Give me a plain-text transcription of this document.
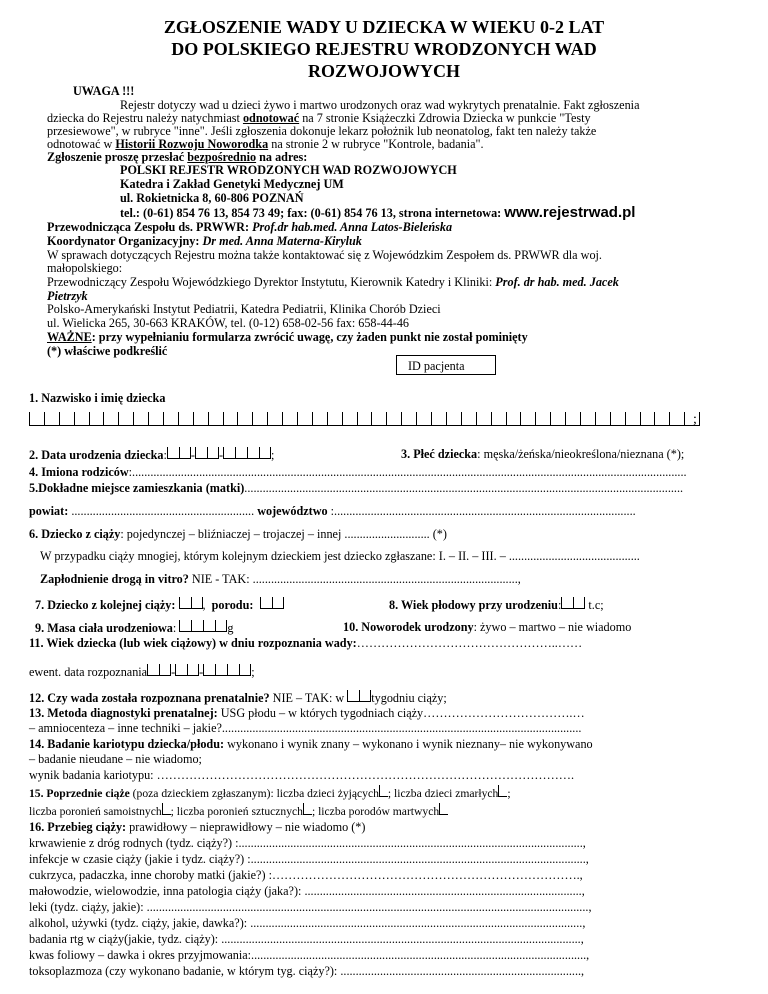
ZGŁOSZENIE WADY U DZIECKA W WIEKU 0-2 LAT
DO POLSKIEGO REJESTRU WRODZONYCH WAD
ROZWOJOWYCH
UWAGA !!!
Rejestr dotyczy wad u dzieci żywo i martwo urodzonych oraz wad wykrytych prenatalnie. Fakt zgłoszenia
dziecka do Rejestru należy natychmiast odnotować na 7 stronie Książeczki Zdrowia Dziecka w punkcie "Testy
przesiewowe", w rubryce "inne". Jeśli zgłoszenia dokonuje lekarz położnik lub neonatolog, fakt ten należy także
odnotować w Historii Rozwoju Noworodka na stronie 2 w rubryce "Kontrole, badania".
Zgłoszenie proszę przesłać bezpośrednio na adres:
POLSKI REJESTR WRODZONYCH WAD ROZWOJOWYCH
Katedra i Zakład Genetyki Medycznej UM
ul. Rokietnicka 8, 60-806 POZNAŃ
tel.: (0-61) 854 76 13, 854 73 49; fax: (0-61) 854 76 13, strona internetowa: www.rejestrwad.pl
Przewodnicząca Zespołu ds. PRWWR: Prof.dr hab.med. Anna Latos-Bieleńska
Koordynator Organizacyjny: Dr med. Anna Materna-Kiryluk
W sprawach dotyczących Rejestru można także kontaktować się z Wojewódzkim Zespołem ds. PRWWR dla woj.
małopolskiego:
Przewodniczący Zespołu Wojewódzkiego Dyrektor Instytutu, Kierownik Katedry i Kliniki: Prof. dr hab. med. Jacek
Pietrzyk
Polsko-Amerykański Instytut Pediatrii, Katedra Pediatrii, Klinika Chorób Dzieci
ul. Wielicka 265, 30-663 KRAKÓW, tel. (0-12) 658-02-56 fax: 658-44-46
WAŻNE: przy wypełnianiu formularza zwrócić uwagę, czy żaden punkt nie został pominięty
(*) właściwe podkreślić
ID pacjenta
1. Nazwisko i imię dziecka
;
2. Data urodzenia dziecka: - -	;	3. Płeć dziecka: męska/żeńska/nieokreślona/nieznana (*);
4. Imiona rodziców:......................................................................................................................................................................................
5.Dokładne miejsce zamieszkania (matki)................................................................................................................................................
powiat: ............................................................ województwo :...................................................................................................
6. Dziecko z ciąży: pojedynczej – bliźniaczej – trojaczej – innej ............................ (*)
W przypadku ciąży mnogiej, którym kolejnym dzieckiem jest dziecko zgłaszane: I. – II. – III. – ...........................................
Zapłodnienie drogą in vitro? NIE - TAK: .......................................................................................,
7. Dziecko z kolejnej ciąży: , porodu:	8. Wiek płodowy przy urodzeniu: t.c;
9. Masa ciała urodzeniowa:	g	10. Noworodek urodzony: żywo – martwo – nie wiadomo
11. Wiek dziecka (lub wiek ciążowy) w dniu rozpoznania wady:…………………………………………..……
ewent. data rozpoznania - -	;
12. Czy wada została rozpoznana prenatalnie? NIE – TAK: w tygodniu ciąży;
13. Metoda diagnostyki prenatalnej: USG płodu – w których tygodniach ciąży……………………………….…
– amniocenteza – inne techniki – jakie?......................................................................................................................
14. Badanie kariotypu dziecka/płodu: wykonano i wynik znany – wykonano i wynik nieznany– nie wykonywano
– badanie nieudane – nie wiadomo;
wynik badania kariotypu: ………………………………………………………………………………………….
15. Poprzednie ciąże (poza dzieckiem zgłaszanym): liczba dzieci żyjących ; liczba dzieci zmarłych ;
liczba poronień samoistnych ; liczba poronień sztucznych ; liczba porodów martwych
16. Przebieg ciąży: prawidłowy – nieprawidłowy – nie wiadomo (*)
krwawienie z dróg rodnych (tydz. ciąży?) :.................................................................................................................,
infekcje w czasie ciąży (jakie i tydz. ciąży?) :..............................................................................................................,
cukrzyca, padaczka, inne choroby matki (jakie?) :………………………………………………………………….,
małowodzie, wielowodzie, inna patologia ciąży (jaka?): ...........................................................................................,
leki (tydz. ciąży, jakie): .................................................................................................................................................,
alkohol, używki (tydz. ciąży, jakie, dawka?): .............................................................................................................,
badania rtg w ciąży(jakie, tydz. ciąży): ......................................................................................................................,
kwas foliowy – dawka i okres przyjmowania:..............................................................................................................,
toksoplazmoza (czy wykonano badanie, w którym tyg. ciąży?): ...............................................................................,
